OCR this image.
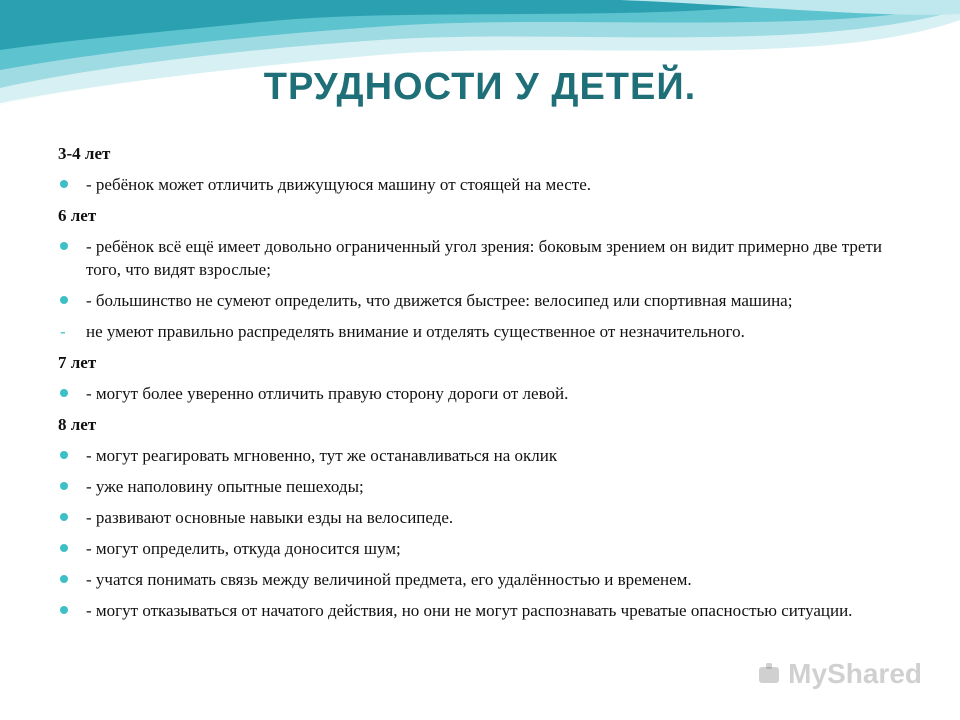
ТРУДНОСТИ У ДЕТЕЙ.
3-4 лет
- ребёнок может отличить движущуюся машину от стоящей на месте.
6 лет
- ребёнок всё ещё имеет довольно ограниченный угол зрения: боковым зрением он видит примерно две трети того, что видят взрослые;
- большинство не сумеют определить, что движется быстрее: велосипед или спортивная машина;
- не умеют правильно распределять внимание и отделять существенное от незначительного.
7 лет
- могут более уверенно отличить правую сторону дороги от левой.
8 лет
- могут реагировать мгновенно, тут же останавливаться на оклик
- уже наполовину опытные пешеходы;
- развивают основные навыки езды на велосипеде.
- могут определить, откуда доносится шум;
- учатся понимать связь между величиной предмета, его удалённостью и временем.
- могут отказываться от начатого действия, но они не могут распознавать чреватые опасностью ситуации.
MyShared
